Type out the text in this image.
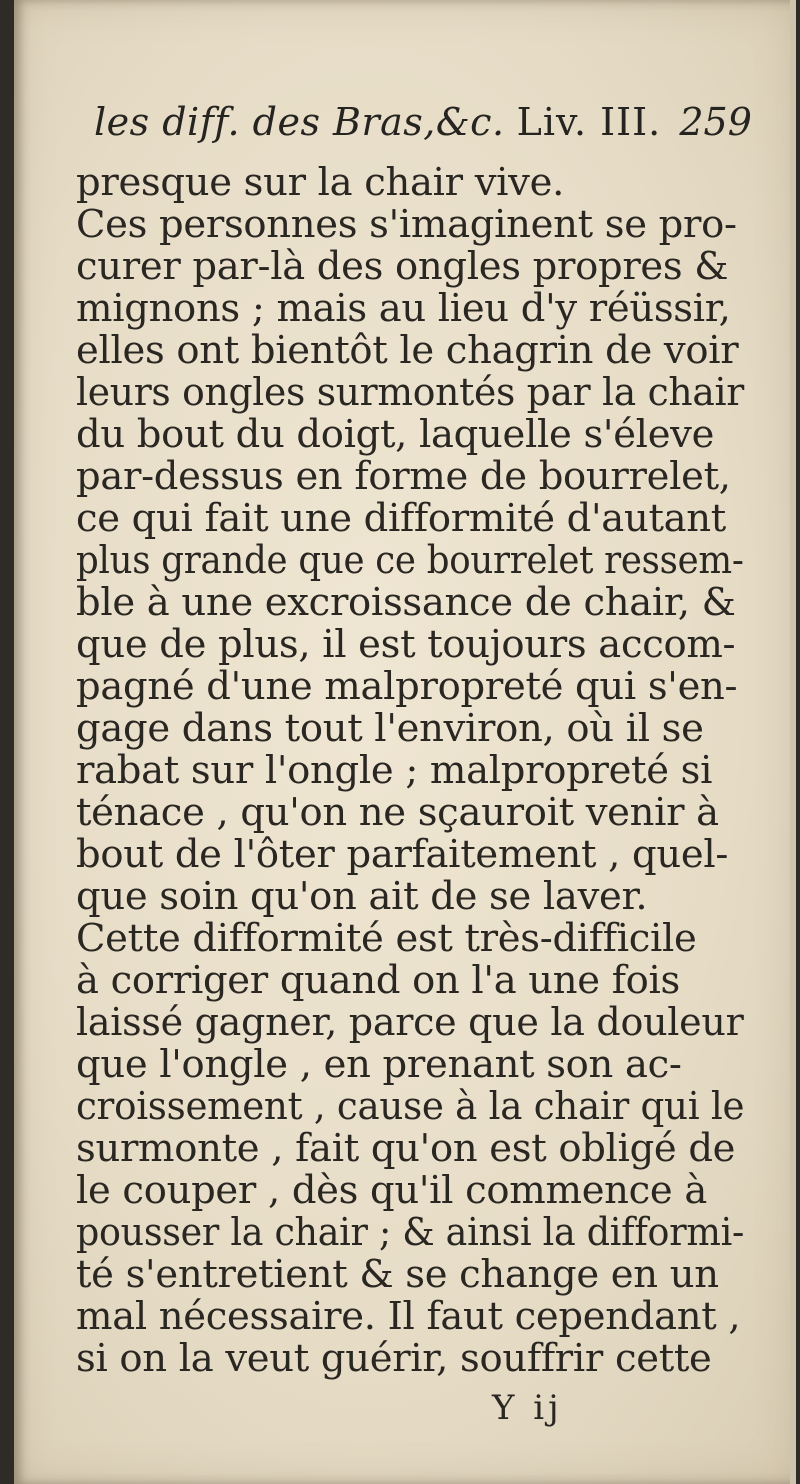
les diff. des Bras,&c. Liv. III. 259
presque sur la chair vive.
Ces personnes s'imaginent se pro-
curer par-là des ongles propres &
mignons ; mais au lieu d'y réüssir,
elles ont bientôt le chagrin de voir
leurs ongles surmontés par la chair
du bout du doigt, laquelle s'éleve
par-dessus en forme de bourrelet,
ce qui fait une difformité d'autant
plus grande que ce bourrelet ressem-
ble à une excroissance de chair, &
que de plus, il est toujours accom-
pagné d'une malpropreté qui s'en-
gage dans tout l'environ, où il se
rabat sur l'ongle ; malpropreté si
ténace , qu'on ne sçauroit venir à
bout de l'ôter parfaitement , quel-
que soin qu'on ait de se laver.
Cette difformité est très-difficile
à corriger quand on l'a une fois
laissé gagner, parce que la douleur
que l'ongle , en prenant son ac-
croissement , cause à la chair qui le
surmonte , fait qu'on est obligé de
le couper , dès qu'il commence à
pousser la chair ; & ainsi la difformi-
té s'entretient & se change en un
mal nécessaire. Il faut cependant ,
si on la veut guérir, souffrir cette
Y ij
